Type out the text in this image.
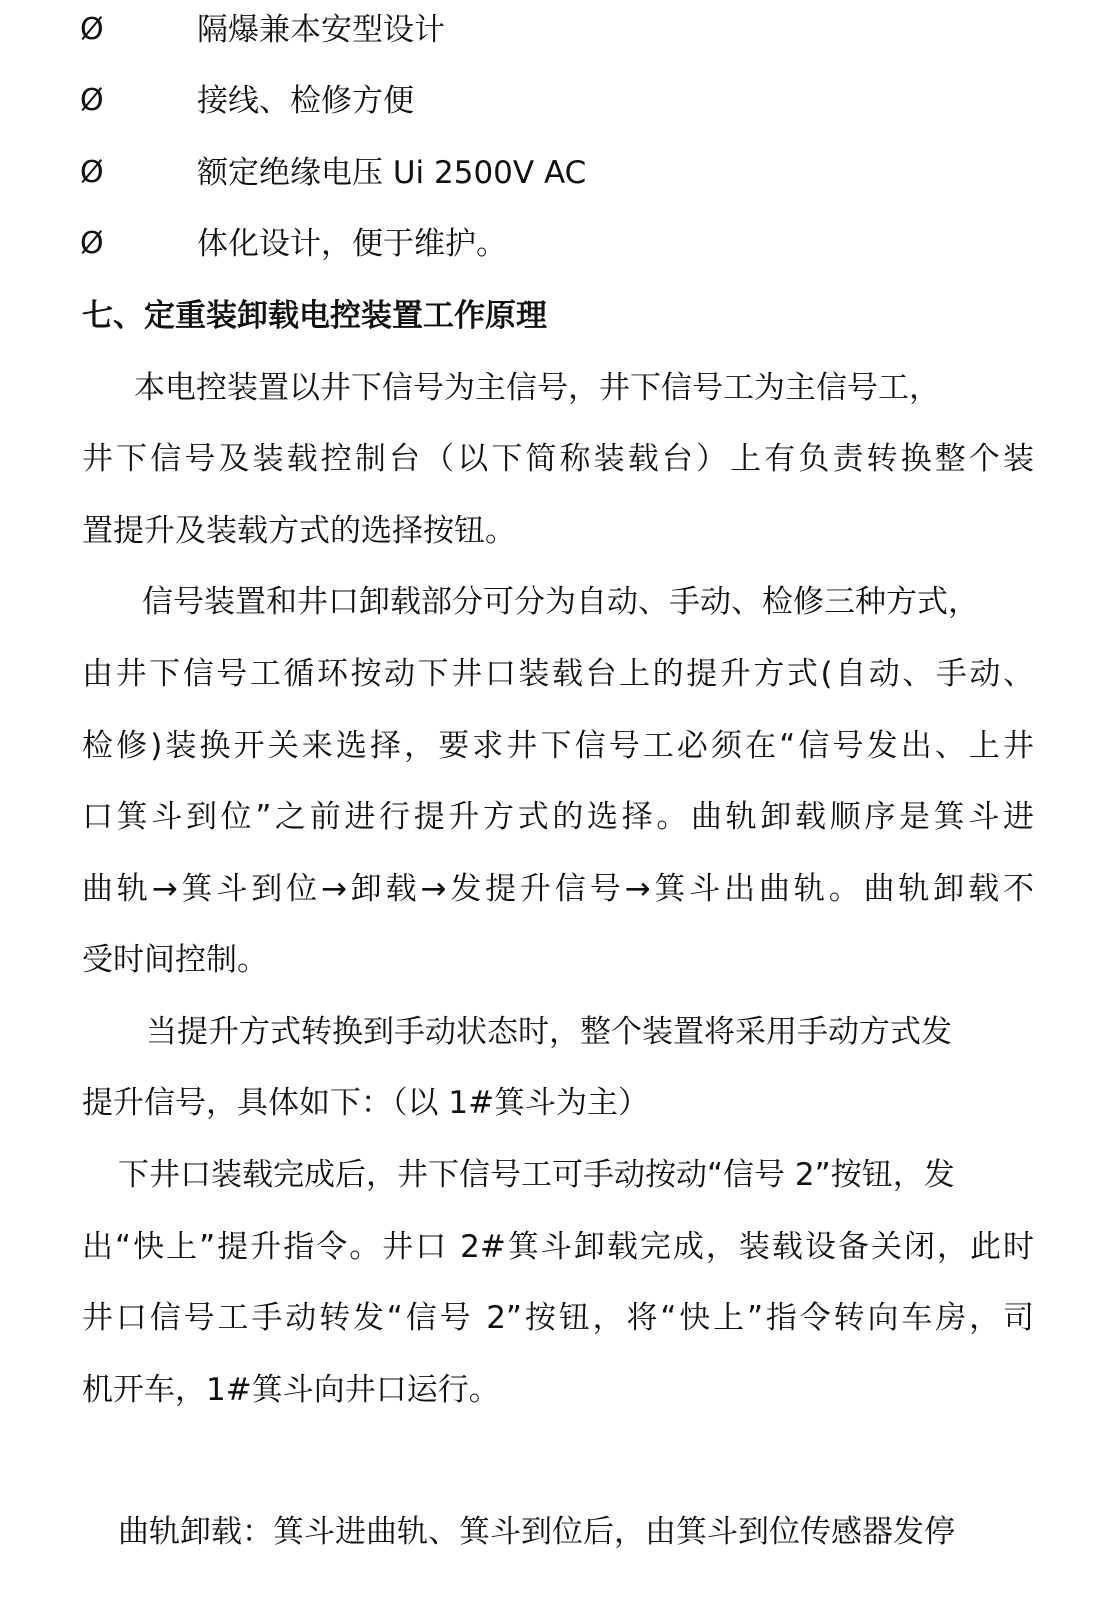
Ø	隔爆兼本安型设计
Ø	接线、检修方便
Ø	额定绝缘电压 Ui 2500V AC
Ø	体化设计，便于维护。
七、定重装卸载电控装置工作原理
本电控装置以井下信号为主信号，井下信号工为主信号工，
井下信号及装载控制台（以下简称装载台）上有负责转换整个装
置提升及装载方式的选择按钮。
信号装置和井口卸载部分可分为自动、手动、检修三种方式，
由井下信号工循环按动下井口装载台上的提升方式(自动、手动、
检修)装换开关来选择，要求井下信号工必须在“信号发出、上井
口箕斗到位”之前进行提升方式的选择。曲轨卸载顺序是箕斗进
曲轨→箕斗到位→卸载→发提升信号→箕斗出曲轨。曲轨卸载不
受时间控制。
当提升方式转换到手动状态时，整个装置将采用手动方式发
提升信号，具体如下：（以 1#箕斗为主）
下井口装载完成后，井下信号工可手动按动“信号 2”按钮，发
出“快上”提升指令。井口 2#箕斗卸载完成，装载设备关闭，此时
井口信号工手动转发“信号 2”按钮，将“快上”指令转向车房，司
机开车，1#箕斗向井口运行。
曲轨卸载：箕斗进曲轨、箕斗到位后，由箕斗到位传感器发停
